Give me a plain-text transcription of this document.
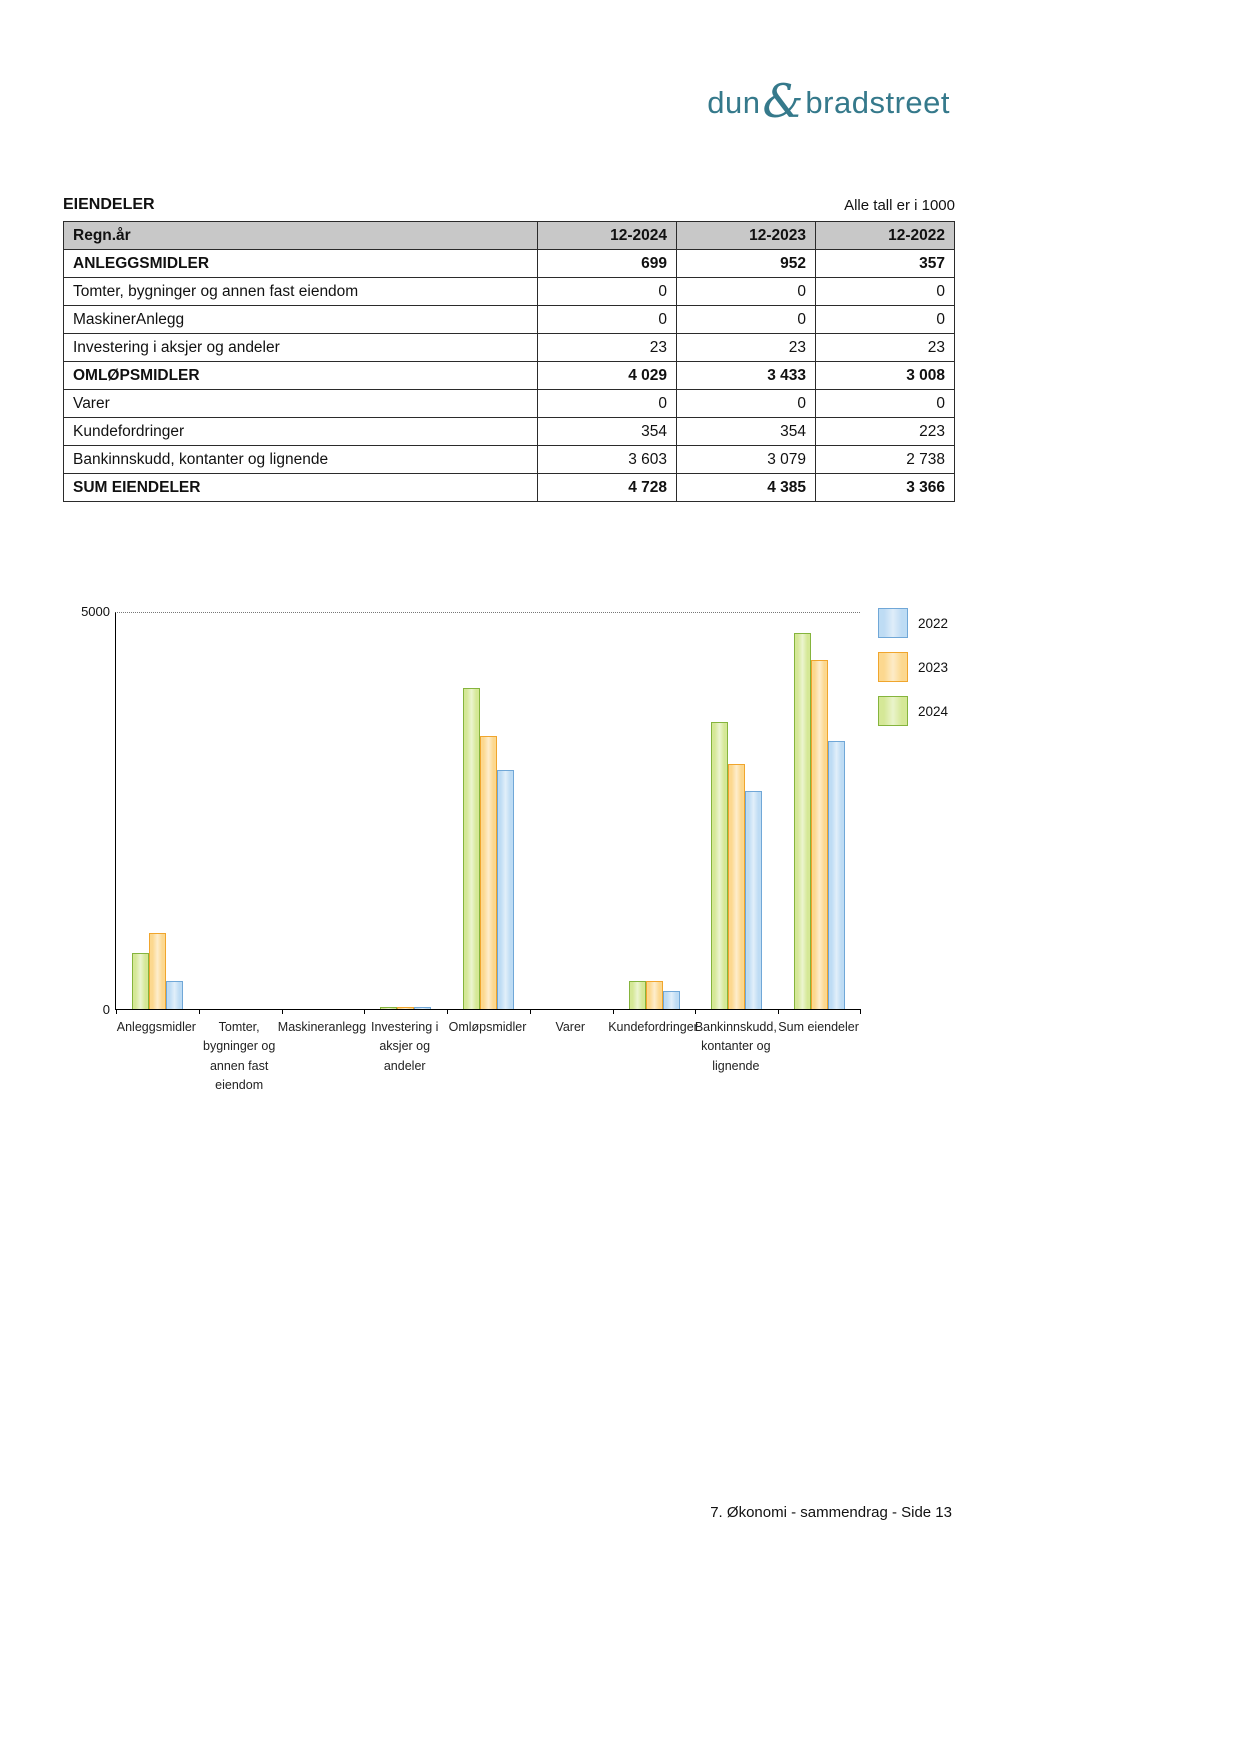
dun & bradstreet
EIENDELER	Alle tall er i 1000
Regn.år	12-2024	12-2023	12-2022
ANLEGGSMIDLER	699	952	357
Tomter, bygninger og annen fast eiendom	0	0	0
MaskinerAnlegg	0	0	0
Investering i aksjer og andeler	23	23	23
OMLØPSMIDLER	4 029	3 433	3 008
Varer	0	0	0
Kundefordringer	354	354	223
Bankinnskudd, kontanter og lignende	3 603	3 079	2 738
SUM EIENDELER	4 728	4 385	3 366
5000
0
Anleggsmidler	Tomter,
bygninger og
annen fast
eiendom
Maskineranlegg Investering i
aksjer og
andeler
Omløpsmidler	Varer	Kundefordringer
Bankinnskudd,
kontanter og
lignende
Sum eiendeler
2022
2023
2024
7. Økonomi - sammendrag - Side 13
